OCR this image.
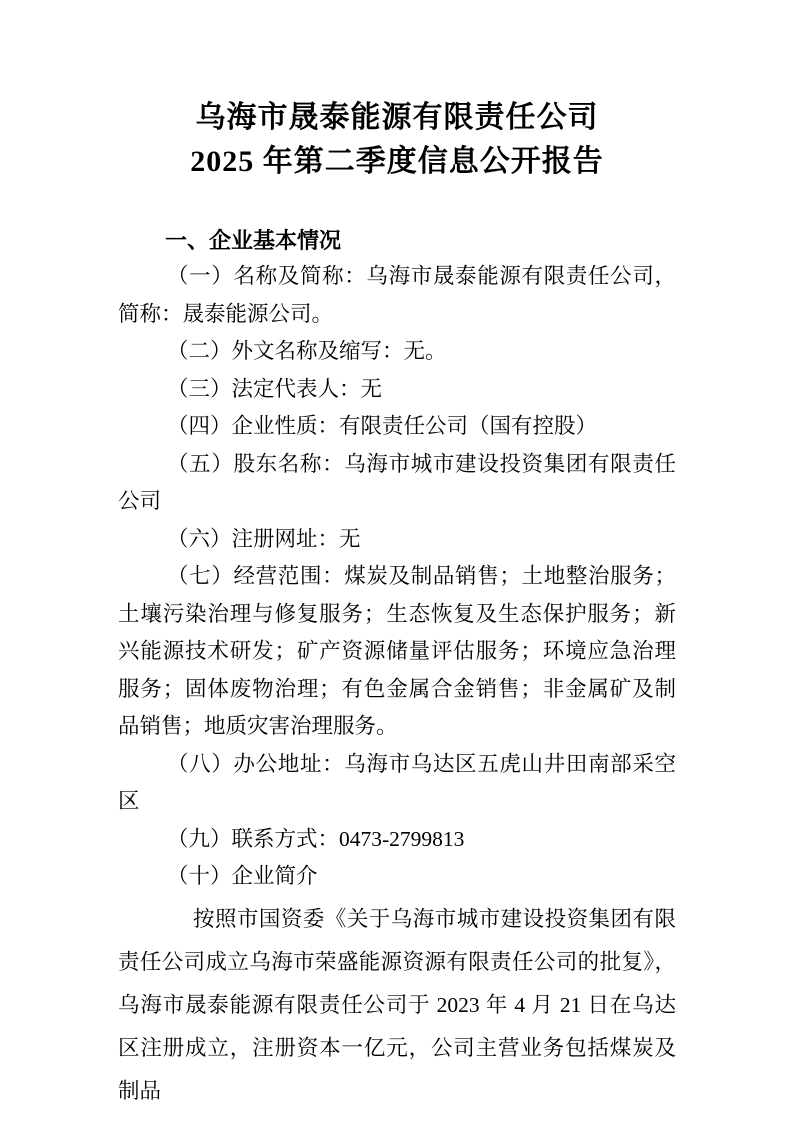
乌海市晟泰能源有限责任公司
2025 年第二季度信息公开报告
一、企业基本情况

（一）名称及简称：乌海市晟泰能源有限责任公司，简称：晟泰能源公司。

（二）外文名称及缩写：无。

（三）法定代表人：无

（四）企业性质：有限责任公司（国有控股）

（五）股东名称：乌海市城市建设投资集团有限责任公司

（六）注册网址：无

（七）经营范围：煤炭及制品销售；土地整治服务；土壤污染治理与修复服务；生态恢复及生态保护服务；新兴能源技术研发；矿产资源储量评估服务；环境应急治理服务；固体废物治理；有色金属合金销售；非金属矿及制品销售；地质灾害治理服务。

（八）办公地址：乌海市乌达区五虎山井田南部采空区

（九）联系方式：0473-2799813

（十）企业简介

按照市国资委《关于乌海市城市建设投资集团有限责任公司成立乌海市荣盛能源资源有限责任公司的批复》，乌海市晟泰能源有限责任公司于 2023 年 4 月 21 日在乌达区注册成立，注册资本一亿元，公司主营业务包括煤炭及制品
